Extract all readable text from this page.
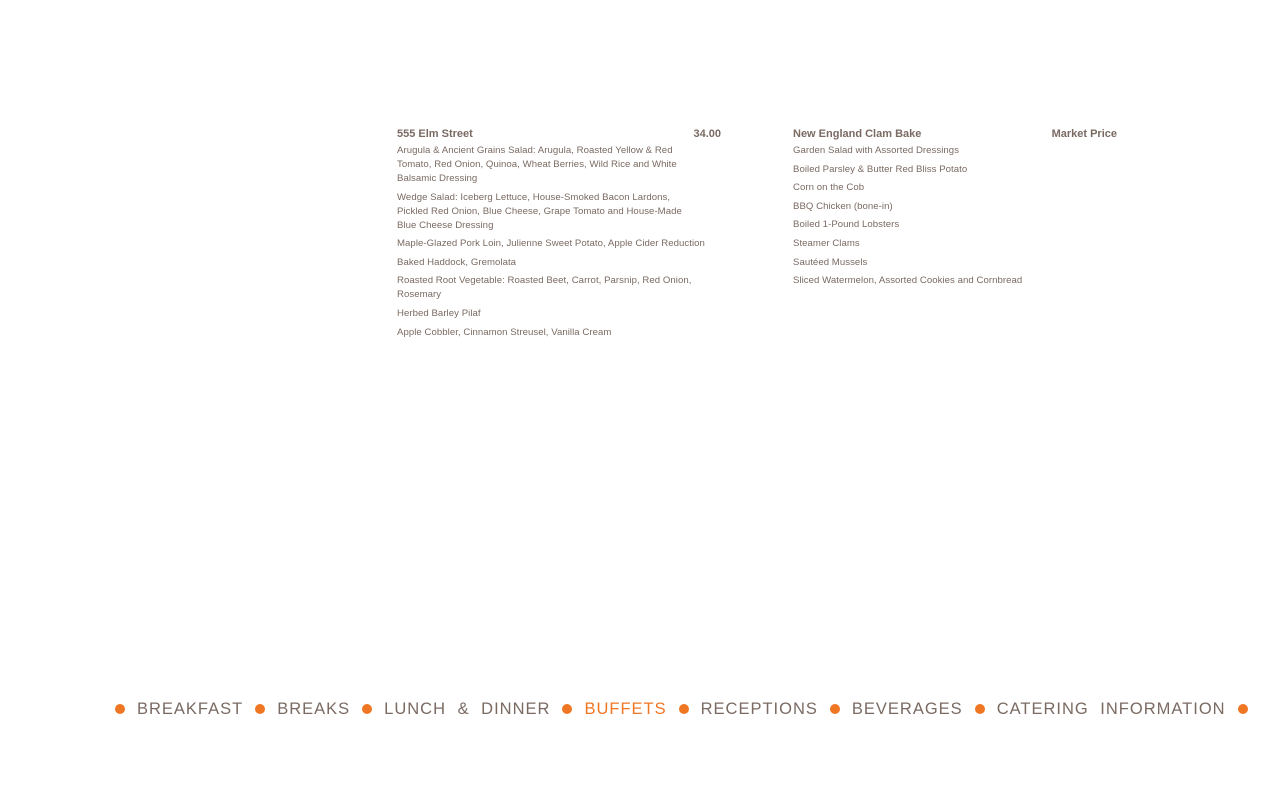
555 Elm Street	34.00
Arugula & Ancient Grains Salad: Arugula, Roasted Yellow & Red Tomato, Red Onion, Quinoa, Wheat Berries, Wild Rice and White Balsamic Dressing
Wedge Salad: Iceberg Lettuce, House-Smoked Bacon Lardons, Pickled Red Onion, Blue Cheese, Grape Tomato and House-Made Blue Cheese Dressing
Maple-Glazed Pork Loin, Julienne Sweet Potato, Apple Cider Reduction
Baked Haddock, Gremolata
Roasted Root Vegetable: Roasted Beet, Carrot, Parsnip, Red Onion, Rosemary
Herbed Barley Pilaf
Apple Cobbler, Cinnamon Streusel, Vanilla Cream
New England Clam Bake	Market Price
Garden Salad with Assorted Dressings
Boiled Parsley & Butter Red Bliss Potato
Corn on the Cob
BBQ Chicken (bone-in)
Boiled 1-Pound Lobsters
Steamer Clams
Sautéed Mussels
Sliced Watermelon, Assorted Cookies and Cornbread
BREAKFAST	BREAKS	LUNCH & DINNER	BUFFETS	RECEPTIONS	BEVERAGES	CATERING INFORMATION
